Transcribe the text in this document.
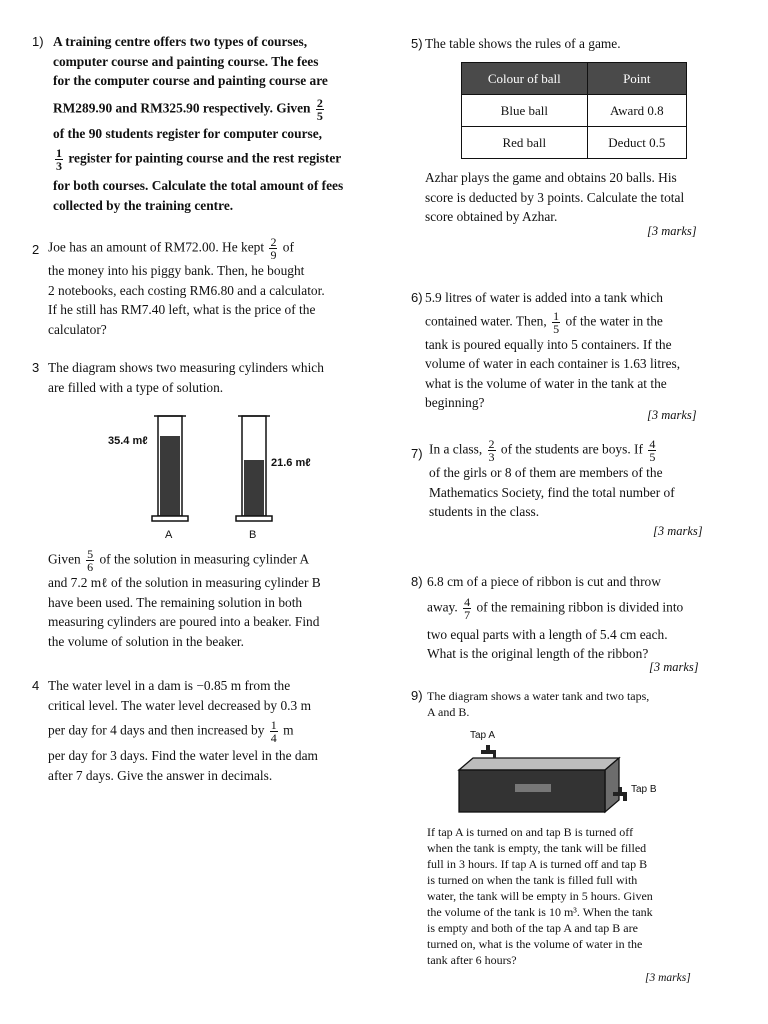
1) A training centre offers two types of courses,
computer course and painting course. The fees
for the computer course and painting course are
RM289.90 and RM325.90 respectively. Given $\frac{2}{5}$
of the 90 students register for computer course,
$\frac{1}{3}$ register for painting course and the rest register
for both courses. Calculate the total amount of fees
collected by the training centre.
2 Joe has an amount of RM72.00. He kept $\frac{2}{9}$ of
the money into his piggy bank. Then, he bought
2 notebooks, each costing RM6.80 and a calculator.
If he still has RM7.40 left, what is the price of the
calculator?
3 The diagram shows two measuring cylinders which
are filled with a type of solution.
35.4 mℓ
21.6 mℓ
A	B
Given $\frac{5}{6}$ of the solution in measuring cylinder A
and 7.2 mℓ of the solution in measuring cylinder B
have been used. The remaining solution in both
measuring cylinders are poured into a beaker. Find
the volume of solution in the beaker.
4 The water level in a dam is −0.85 m from the
critical level. The water level decreased by 0.3 m
per day for 4 days and then increased by $\frac{1}{4}$ m
per day for 3 days. Find the water level in the dam
after 7 days. Give the answer in decimals.
5) The table shows the rules of a game.
Colour of ball	Point
Blue ball	Award 0.8
Red ball	Deduct 0.5
Azhar plays the game and obtains 20 balls. His
score is deducted by 3 points. Calculate the total
score obtained by Azhar.
[3 marks]
6) 5.9 litres of water is added into a tank which
contained water. Then, $\frac{1}{5}$ of the water in the
tank is poured equally into 5 containers. If the
volume of water in each container is 1.63 litres,
what is the volume of water in the tank at the
beginning?
[3 marks]
7) In a class, $\frac{2}{3}$ of the students are boys. If $\frac{4}{5}$
of the girls or 8 of them are members of the
Mathematics Society, find the total number of
students in the class.
[3 marks]
8) 6.8 cm of a piece of ribbon is cut and throw
away. $\frac{4}{7}$ of the remaining ribbon is divided into
two equal parts with a length of 5.4 cm each.
What is the original length of the ribbon?
[3 marks]
9) The diagram shows a water tank and two taps,
A and B.
Tap A
Tap B
If tap A is turned on and tap B is turned off
when the tank is empty, the tank will be filled
full in 3 hours. If tap A is turned off and tap B
is turned on when the tank is filled full with
water, the tank will be empty in 5 hours. Given
the volume of the tank is 10 m³. When the tank
is empty and both of the tap A and tap B are
turned on, what is the volume of water in the
tank after 6 hours?
[3 marks]
